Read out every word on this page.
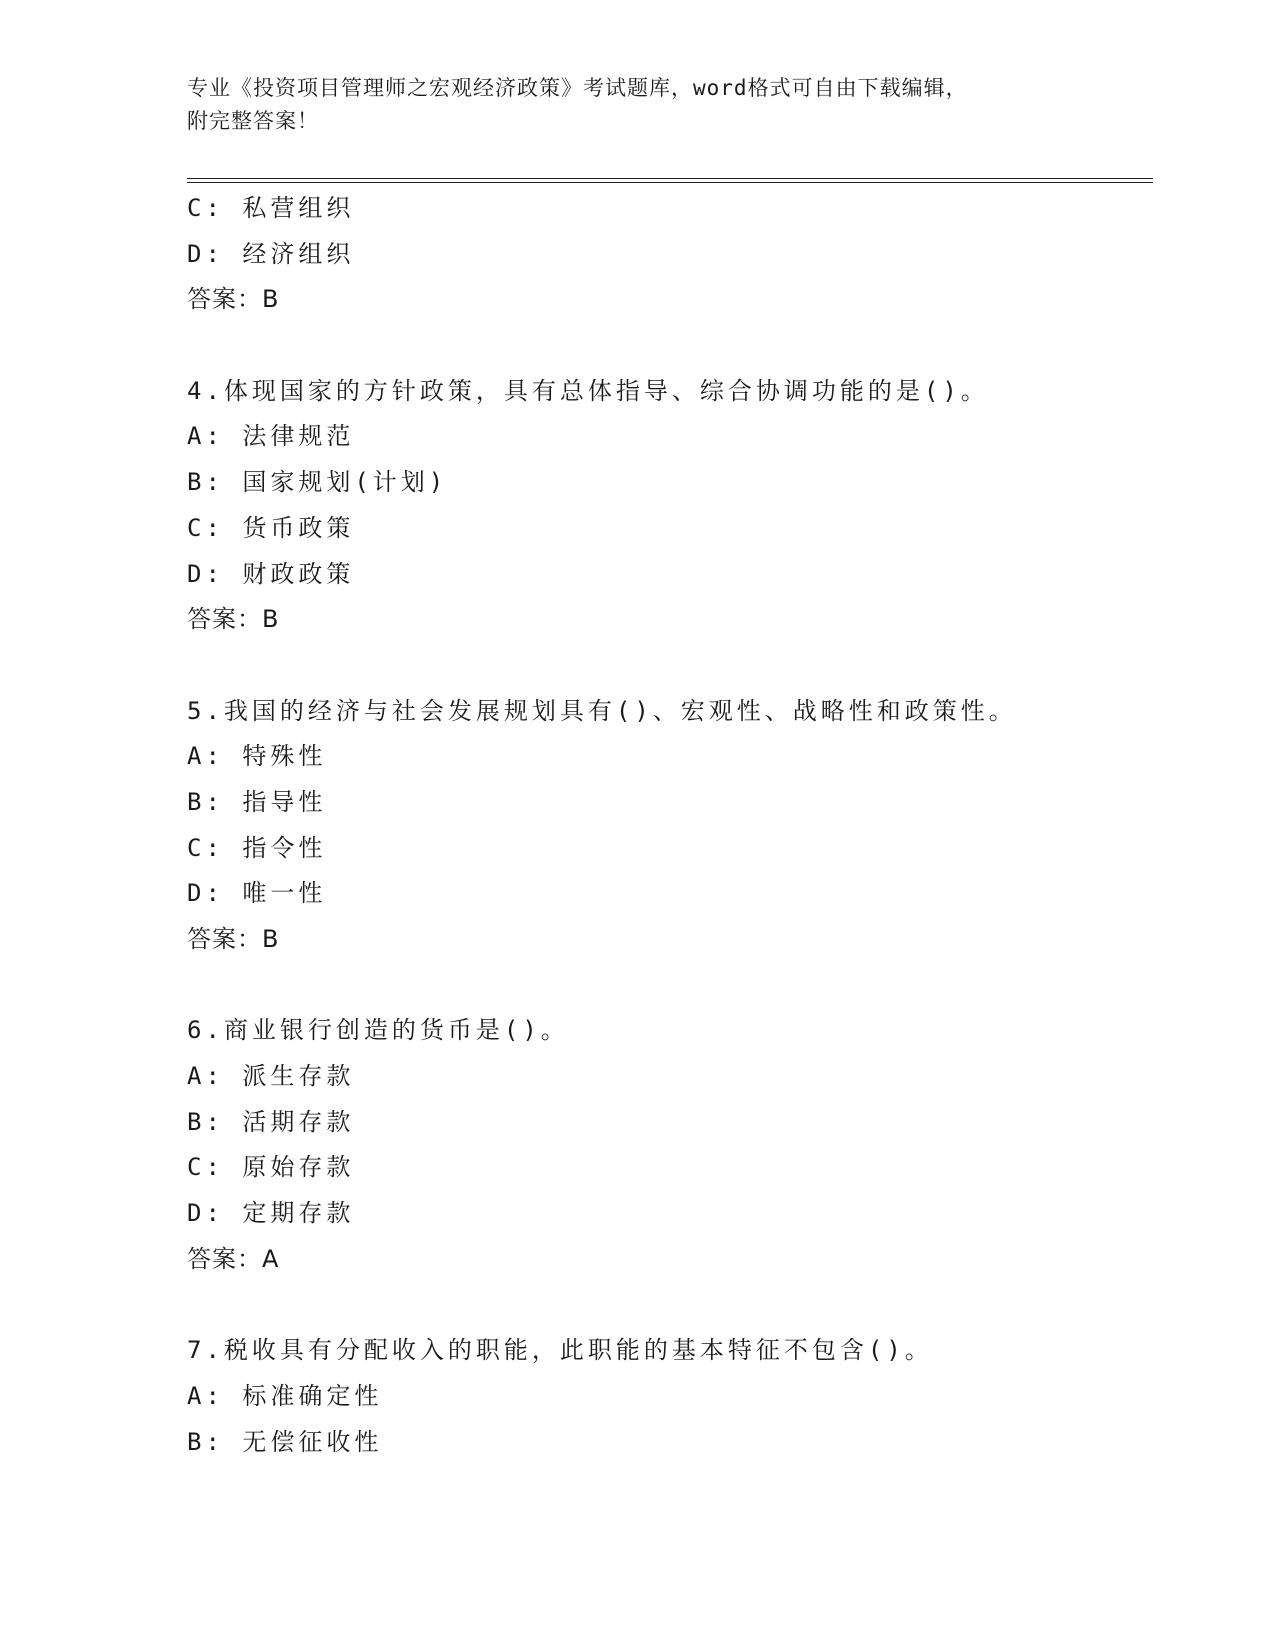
专业《投资项目管理师之宏观经济政策》考试题库，word格式可自由下载编辑，
附完整答案！
C: 私营组织
D: 经济组织
答案：B
4.体现国家的方针政策，具有总体指导、综合协调功能的是()。
A: 法律规范
B: 国家规划(计划)
C: 货币政策
D: 财政政策
答案：B
5.我国的经济与社会发展规划具有()、宏观性、战略性和政策性。
A: 特殊性
B: 指导性
C: 指令性
D: 唯一性
答案：B
6.商业银行创造的货币是()。
A: 派生存款
B: 活期存款
C: 原始存款
D: 定期存款
答案：A
7.税收具有分配收入的职能，此职能的基本特征不包含()。
A: 标准确定性
B: 无偿征收性
